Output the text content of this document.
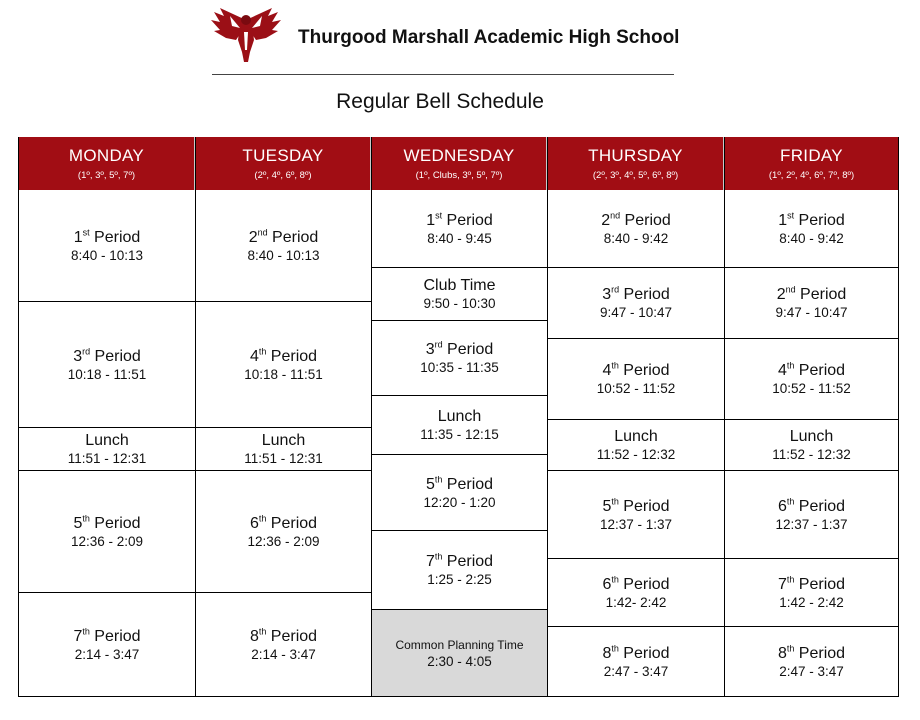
Thurgood Marshall Academic High School
Regular Bell Schedule
MONDAY
(1º, 3º, 5º, 7º)
1st Period
8:40 - 10:13
3rd Period
10:18 - 11:51
Lunch
11:51 - 12:31
5th Period
12:36 - 2:09
7th Period
2:14 - 3:47
TUESDAY
(2º, 4º, 6º, 8º)
2nd Period
8:40 - 10:13
4th Period
10:18 - 11:51
Lunch
11:51 - 12:31
6th Period
12:36 - 2:09
8th Period
2:14 - 3:47
WEDNESDAY
(1º, Clubs, 3º, 5º, 7º)
1st Period
8:40 - 9:45
Club Time
9:50 - 10:30
3rd Period
10:35 - 11:35
Lunch
11:35 - 12:15
5th Period
12:20 - 1:20
7th Period
1:25 - 2:25
Common Planning Time
2:30 - 4:05
THURSDAY
(2º, 3º, 4º, 5º, 6º, 8º)
2nd Period
8:40 - 9:42
3rd Period
9:47 - 10:47
4th Period
10:52 - 11:52
Lunch
11:52 - 12:32
5th Period
12:37 - 1:37
6th Period
1:42- 2:42
8th Period
2:47 - 3:47
FRIDAY
(1º, 2º, 4º, 6º, 7º, 8º)
1st Period
8:40 - 9:42
2nd Period
9:47 - 10:47
4th Period
10:52 - 11:52
Lunch
11:52 - 12:32
6th Period
12:37 - 1:37
7th Period
1:42 - 2:42
8th Period
2:47 - 3:47
